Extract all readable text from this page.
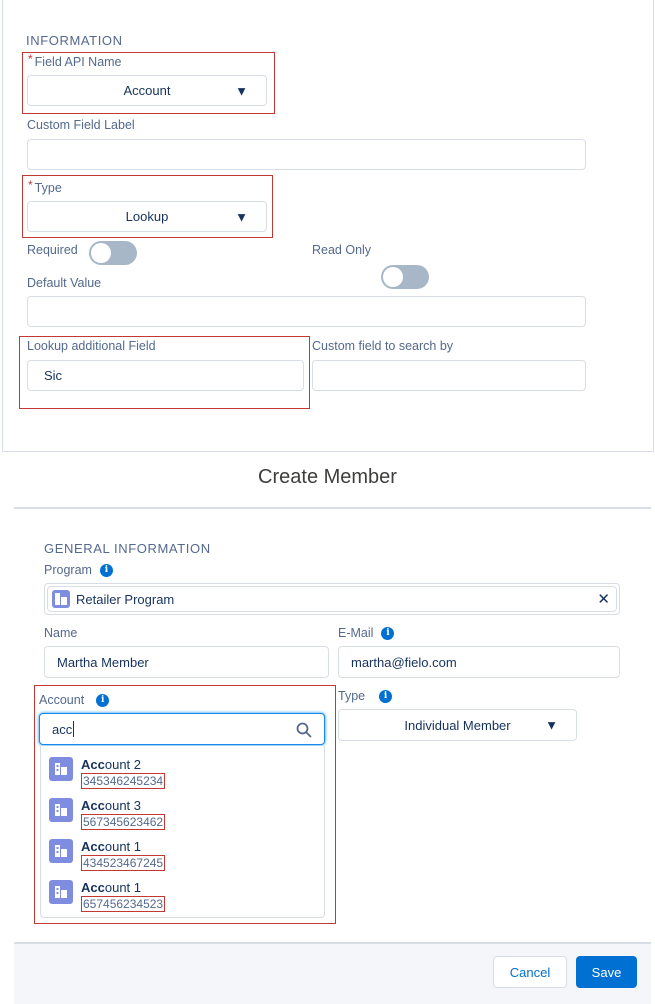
INFORMATION
* Field API Name
Account	▼
Custom Field Label
* Type
Lookup	▼
Required	Read Only
Default Value
Lookup additional Field
Sic
Custom field to search by
Create Member
GENERAL INFORMATION
Program	i
Retailer Program	✕
Name
Martha Member
E-Mail	i
martha@fielo.com
Account	i
acc
Account 2
345346245234
Account 3
567345623462
Account 1
434523467245
Account 1
657456234523
Type	i
Individual Member	▼
Cancel	Save
